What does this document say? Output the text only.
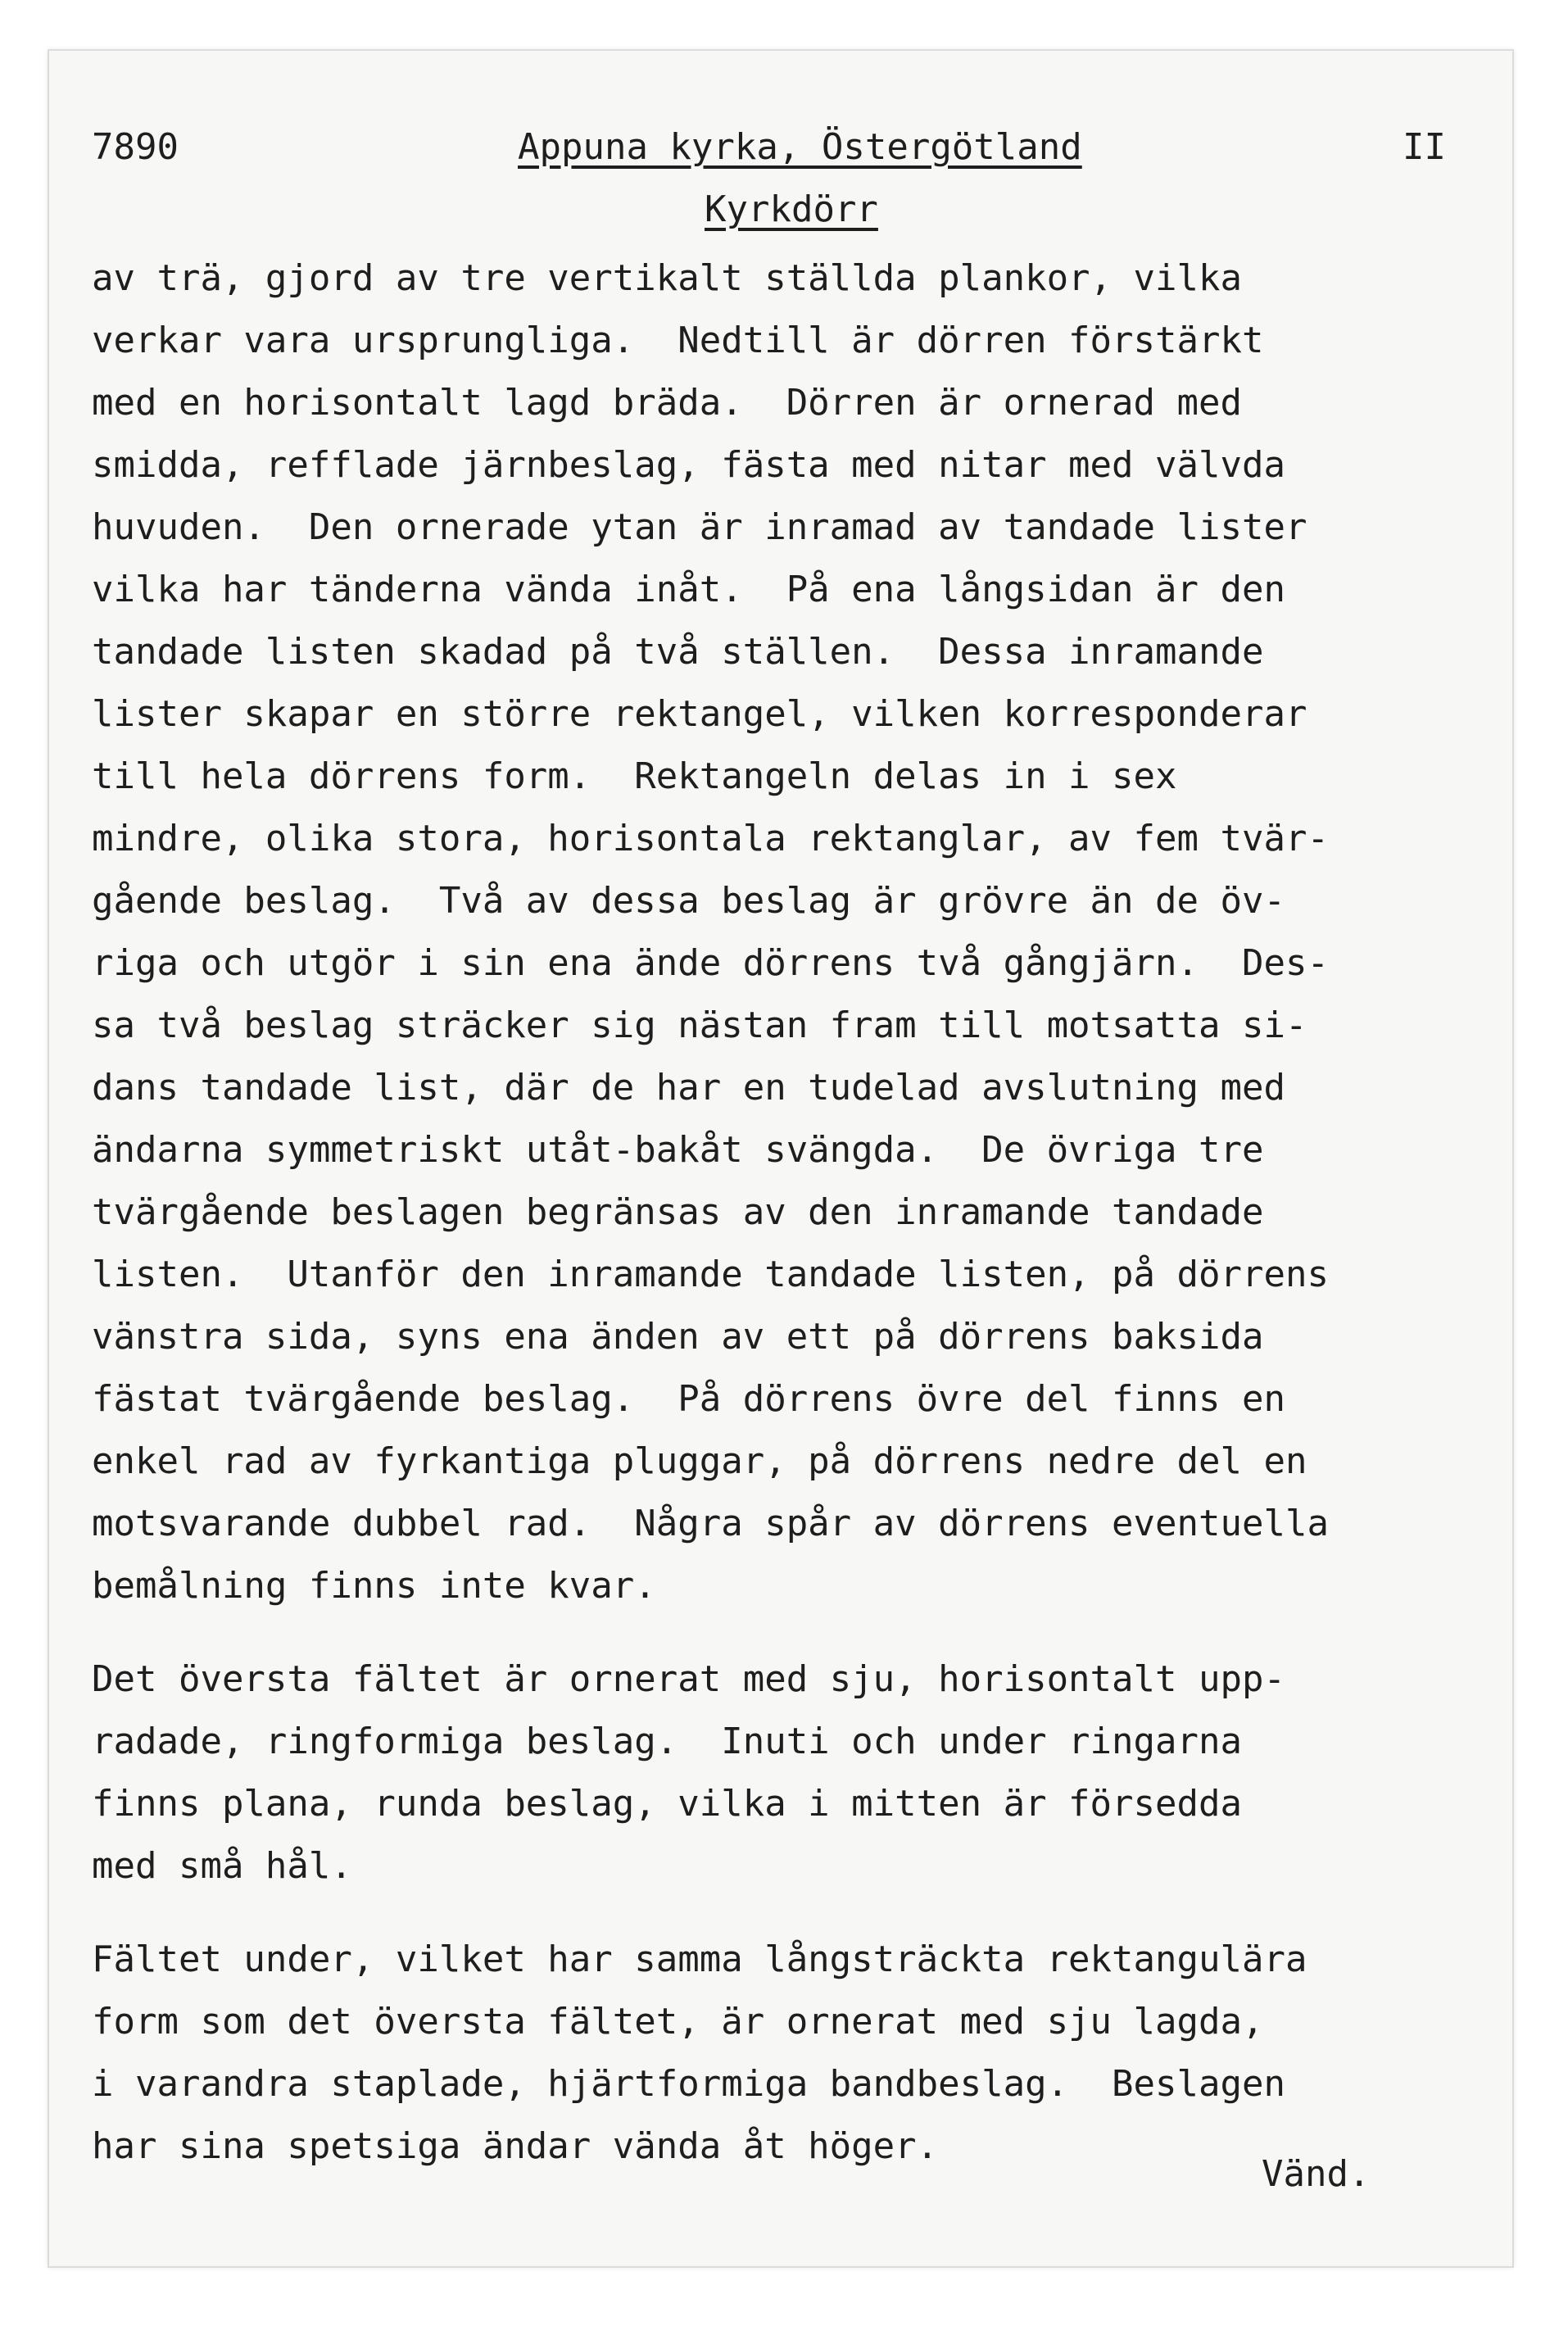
7890	Appuna kyrka, Östergötland	II
Kyrkdörr
av trä, gjord av tre vertikalt ställda plankor, vilka
verkar vara ursprungliga.  Nedtill är dörren förstärkt
med en horisontalt lagd bräda.  Dörren är ornerad med
smidda, refflade järnbeslag, fästa med nitar med välvda
huvuden.  Den ornerade ytan är inramad av tandade lister
vilka har tänderna vända inåt.  På ena långsidan är den
tandade listen skadad på två ställen.  Dessa inramande
lister skapar en större rektangel, vilken korresponderar
till hela dörrens form.  Rektangeln delas in i sex
mindre, olika stora, horisontala rektanglar, av fem tvär-
gående beslag.  Två av dessa beslag är grövre än de öv-
riga och utgör i sin ena ände dörrens två gångjärn.  Des-
sa två beslag sträcker sig nästan fram till motsatta si-
dans tandade list, där de har en tudelad avslutning med
ändarna symmetriskt utåt-bakåt svängda.  De övriga tre
tvärgående beslagen begränsas av den inramande tandade
listen.  Utanför den inramande tandade listen, på dörrens
vänstra sida, syns ena änden av ett på dörrens baksida
fästat tvärgående beslag.  På dörrens övre del finns en
enkel rad av fyrkantiga pluggar, på dörrens nedre del en
motsvarande dubbel rad.  Några spår av dörrens eventuella
bemålning finns inte kvar.
Det översta fältet är ornerat med sju, horisontalt upp-
radade, ringformiga beslag.  Inuti och under ringarna
finns plana, runda beslag, vilka i mitten är försedda
med små hål.
Fältet under, vilket har samma långsträckta rektangulära
form som det översta fältet, är ornerat med sju lagda,
i varandra staplade, hjärtformiga bandbeslag.  Beslagen
har sina spetsiga ändar vända åt höger.
Vänd.
